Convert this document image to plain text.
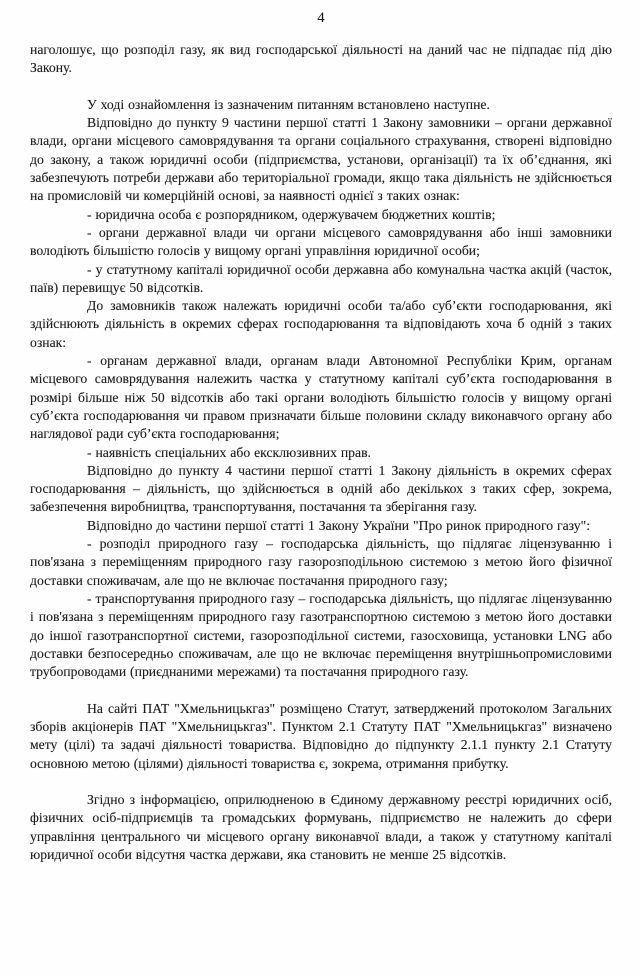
4

наголошує, що розподіл газу, як вид господарської діяльності на даний час не підпадає під дію Закону.

У ході ознайомлення із зазначеним питанням встановлено наступне.

Відповідно до пункту 9 частини першої статті 1 Закону замовники – органи державної влади, органи місцевого самоврядування та органи соціального страхування, створені відповідно до закону, а також юридичні особи (підприємства, установи, організації) та їх об’єднання, які забезпечують потреби держави або територіальної громади, якщо така діяльність не здійснюється на промисловій чи комерційній основі, за наявності однієї з таких ознак:

- юридична особа є розпорядником, одержувачем бюджетних коштів;

- органи державної влади чи органи місцевого самоврядування або інші замовники володіють більшістю голосів у вищому органі управління юридичної особи;

- у статутному капіталі юридичної особи державна або комунальна частка акцій (часток, паїв) перевищує 50 відсотків.

До замовників також належать юридичні особи та/або суб’єкти господарювання, які здійснюють діяльність в окремих сферах господарювання та відповідають хоча б одній з таких ознак:

- органам державної влади, органам влади Автономної Республіки Крим, органам місцевого самоврядування належить частка у статутному капіталі суб’єкта господарювання в розмірі більше ніж 50 відсотків або такі органи володіють більшістю голосів у вищому органі суб’єкта господарювання чи правом призначати більше половини складу виконавчого органу або наглядової ради суб’єкта господарювання;

- наявність спеціальних або ексклюзивних прав.

Відповідно до пункту 4 частини першої статті 1 Закону діяльність в окремих сферах господарювання – діяльність, що здійснюється в одній або декількох з таких сфер, зокрема, забезпечення виробництва, транспортування, постачання та зберігання газу.

Відповідно до частини першої статті 1 Закону України "Про ринок природного газу":

- розподіл природного газу – господарська діяльність, що підлягає ліцензуванню і пов'язана з переміщенням природного газу газорозподільною системою з метою його фізичної доставки споживачам, але що не включає постачання природного газу;

- транспортування природного газу – господарська діяльність, що підлягає ліцензуванню і пов'язана з переміщенням природного газу газотранспортною системою з метою його доставки до іншої газотранспортної системи, газорозподільної системи, газосховища, установки LNG або доставки безпосередньо споживачам, але що не включає переміщення внутрішньопромисловими трубопроводами (приєднаними мережами) та постачання природного газу.

На сайті ПАТ "Хмельницькгаз" розміщено Статут, затверджений протоколом Загальних зборів акціонерів ПАТ "Хмельницькгаз". Пунктом 2.1 Статуту ПАТ "Хмельницькгаз" визначено мету (цілі) та задачі діяльності товариства. Відповідно до підпункту 2.1.1 пункту 2.1 Статуту основною метою (цілями) діяльності товариства є, зокрема, отримання прибутку.

Згідно з інформацією, оприлюдненою в Єдиному державному реєстрі юридичних осіб, фізичних осіб-підприємців та громадських формувань, підприємство не належить до сфери управління центрального чи місцевого органу виконавчої влади, а також у статутному капіталі юридичної особи відсутня частка держави, яка становить не менше 25 відсотків.
